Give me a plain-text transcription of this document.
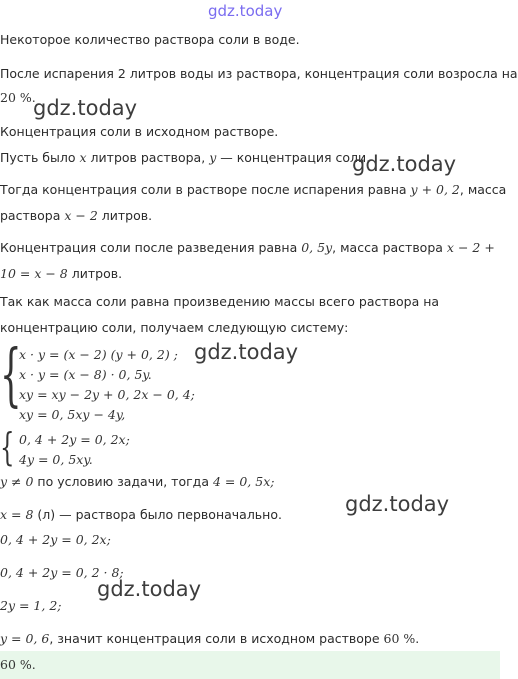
gdz.today
Некоторое количество раствора соли в воде.
После испарения 2 литров воды из раствора, концентрация соли возросла на
20 %.
gdz.today
Концентрация соли в исходном растворе.
Пусть было x литров раствора, y — концентрация соли.
gdz.today
Тогда концентрация соли в растворе после испарения равна y + 0, 2, масса
раствора x − 2 литров.
Концентрация соли после разведения равна 0, 5y, масса раствора x − 2 +
10 = x − 8 литров.
Так как масса соли равна произведению массы всего раствора на
концентрацию соли, получаем следующую систему:
{
x · y = (x − 2) (y + 0, 2) ;
x · y = (x − 8) · 0, 5y.
xy = xy − 2y + 0, 2x − 0, 4;
xy = 0, 5xy − 4y,
gdz.today
{ 0, 4 + 2y = 0, 2x;
4y = 0, 5xy.
y ≠ 0 по условию задачи, тогда 4 = 0, 5x;
gdz.today
x = 8 (л) — раствора было первоначально.
0, 4 + 2y = 0, 2x;
0, 4 + 2y = 0, 2 · 8;
gdz.today
2y = 1, 2;
y = 0, 6, значит концентрация соли в исходном растворе 60 %.
60 %.
